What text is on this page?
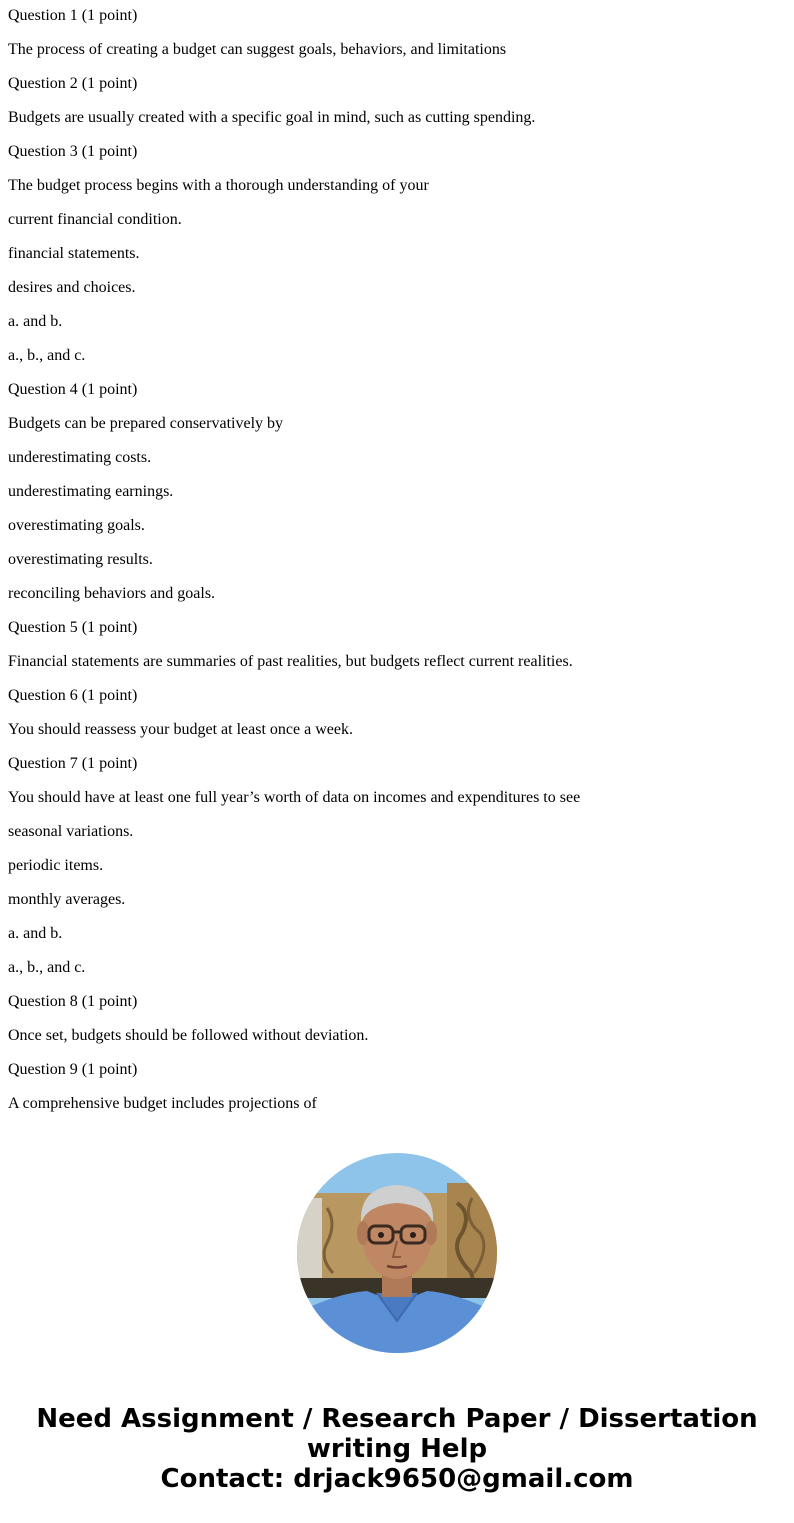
Question 1 (1 point)

The process of creating a budget can suggest goals, behaviors, and limitations

Question 2 (1 point)

Budgets are usually created with a specific goal in mind, such as cutting spending.

Question 3 (1 point)

The budget process begins with a thorough understanding of your

current financial condition.

financial statements.

desires and choices.

a. and b.

a., b., and c.

Question 4 (1 point)

Budgets can be prepared conservatively by

underestimating costs.

underestimating earnings.

overestimating goals.

overestimating results.

reconciling behaviors and goals.

Question 5 (1 point)

Financial statements are summaries of past realities, but budgets reflect current realities.

Question 6 (1 point)

You should reassess your budget at least once a week.

Question 7 (1 point)

You should have at least one full year’s worth of data on incomes and expenditures to see

seasonal variations.

periodic items.

monthly averages.

a. and b.

a., b., and c.

Question 8 (1 point)

Once set, budgets should be followed without deviation.

Question 9 (1 point)

A comprehensive budget includes projections of

Need Assignment / Research Paper / Dissertation
writing Help
Contact: drjack9650@gmail.com
